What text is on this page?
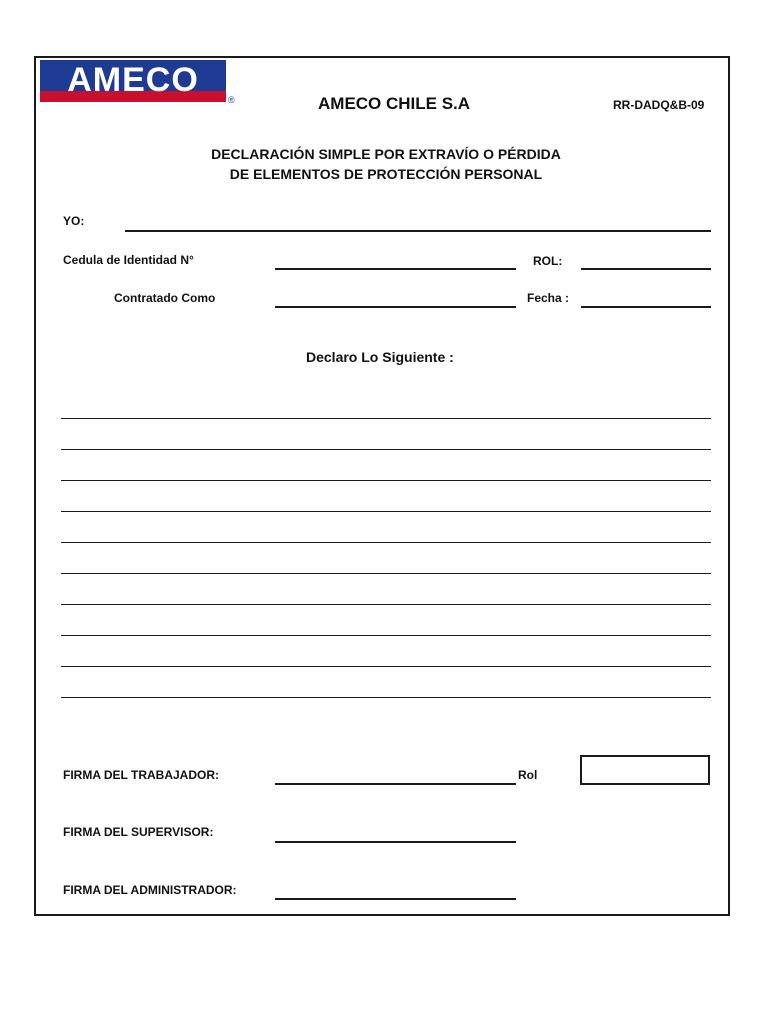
AMECO
®	AMECO CHILE S.A	RR-DADQ&B-09
DECLARACIÓN SIMPLE POR EXTRAVÍO O PÉRDIDA
DE ELEMENTOS DE PROTECCIÓN PERSONAL
YO:
Cedula de Identidad N°	ROL:
Contratado Como	Fecha :
Declaro Lo Siguiente :
FIRMA DEL TRABAJADOR:	Rol
FIRMA DEL SUPERVISOR:
FIRMA DEL ADMINISTRADOR:
